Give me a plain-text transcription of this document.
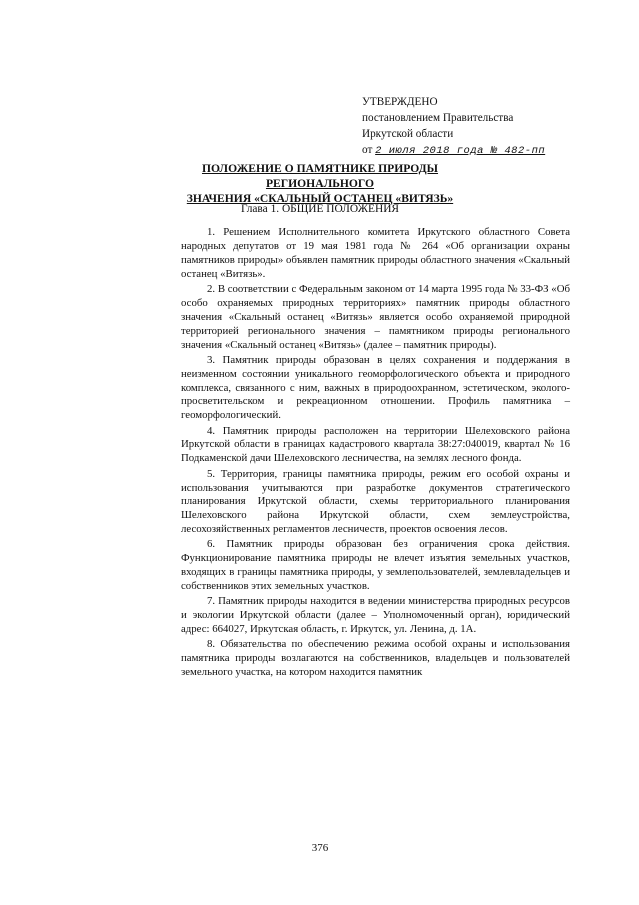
УТВЕРЖДЕНО
постановлением Правительства
Иркутской области
от 2 июля 2018 года № 482-пп
ПОЛОЖЕНИЕ О ПАМЯТНИКЕ ПРИРОДЫ РЕГИОНАЛЬНОГО
ЗНАЧЕНИЯ «СКАЛЬНЫЙ ОСТАНЕЦ «ВИТЯЗЬ»
Глава 1. ОБЩИЕ ПОЛОЖЕНИЯ

1. Решением Исполнительного комитета Иркутского областного Совета народных депутатов от 19 мая 1981 года № 264 «Об организации охраны памятников природы» объявлен памятник природы областного значения «Скальный останец «Витязь».

2. В соответствии с Федеральным законом от 14 марта 1995 года № 33-ФЗ «Об особо охраняемых природных территориях» памятник природы областного значения «Скальный останец «Витязь» является особо охраняемой природной территорией регионального значения – памятником природы регионального значения «Скальный останец «Витязь» (далее – памятник природы).

3. Памятник природы образован в целях сохранения и поддержания в неизменном состоянии уникального геоморфологического объекта и природного комплекса, связанного с ним, важных в природоохранном, эстетическом, эколого-просветительском и рекреационном отношении. Профиль памятника – геоморфологический.

4. Памятник природы расположен на территории Шелеховского района Иркутской области в границах кадастрового квартала 38:27:040019, квартал № 16 Подкаменской дачи Шелеховского лесничества, на землях лесного фонда.

5. Территория, границы памятника природы, режим его особой охраны и использования учитываются при разработке документов стратегического планирования Иркутской области, схемы территориального планирования Шелеховского района Иркутской области, схем землеустройства, лесохозяйственных регламентов лесничеств, проектов освоения лесов.

6. Памятник природы образован без ограничения срока действия. Функционирование памятника природы не влечет изъятия земельных участков, входящих в границы памятника природы, у землепользователей, землевладельцев и собственников этих земельных участков.

7. Памятник природы находится в ведении министерства природных ресурсов и экологии Иркутской области (далее – Уполномоченный орган), юридический адрес: 664027, Иркутская область, г. Иркутск, ул. Ленина, д. 1А.

8. Обязательства по обеспечению режима особой охраны и использования памятника природы возлагаются на собственников, владельцев и пользователей земельного участка, на котором находится памятник

376
